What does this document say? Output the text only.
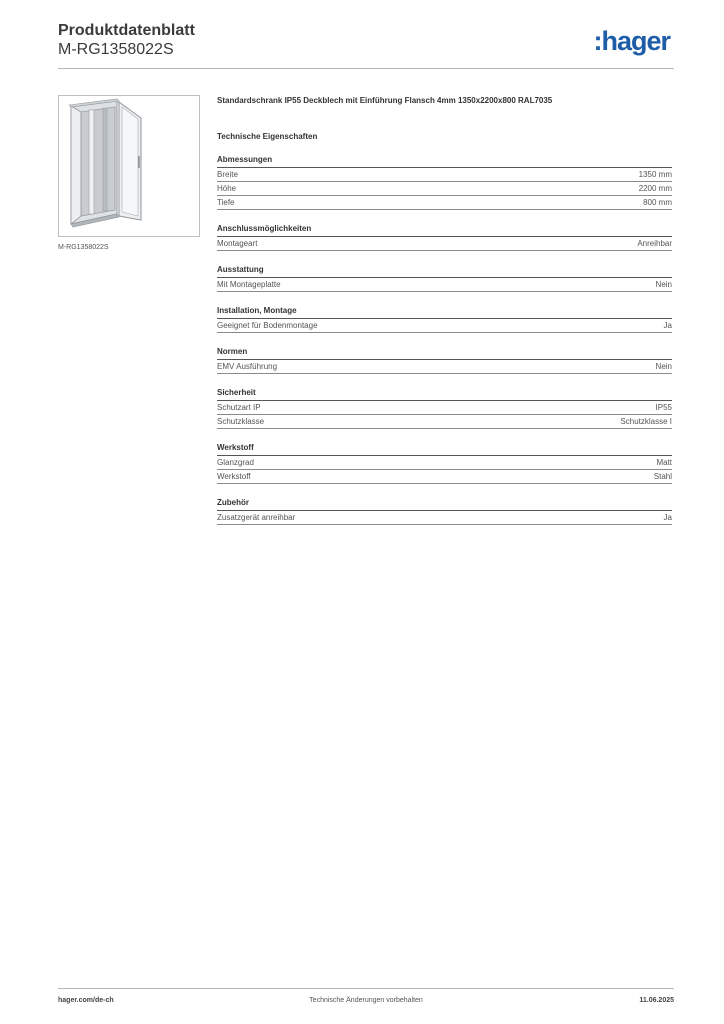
Produktdatenblatt
M-RG1358022S	:hager
M-RG1358022S
Standardschrank IP55 Deckblech mit Einführung Flansch 4mm 1350x2200x800 RAL7035
Technische Eigenschaften
Abmessungen
Breite	1350 mm
Höhe	2200 mm
Tiefe	800 mm
Anschlussmöglichkeiten
Montageart	Anreihbar
Ausstattung
Mit Montageplatte	Nein
Installation, Montage
Geeignet für Bodenmontage	Ja
Normen
EMV Ausführung	Nein
Sicherheit
Schutzart IP	IP55
Schutzklasse	Schutzklasse I
Werkstoff
Glanzgrad	Matt
Werkstoff	Stahl
Zubehör
Zusatzgerät anreihbar	Ja
hager.com/de-ch	Technische Änderungen vorbehalten	11.06.2025
